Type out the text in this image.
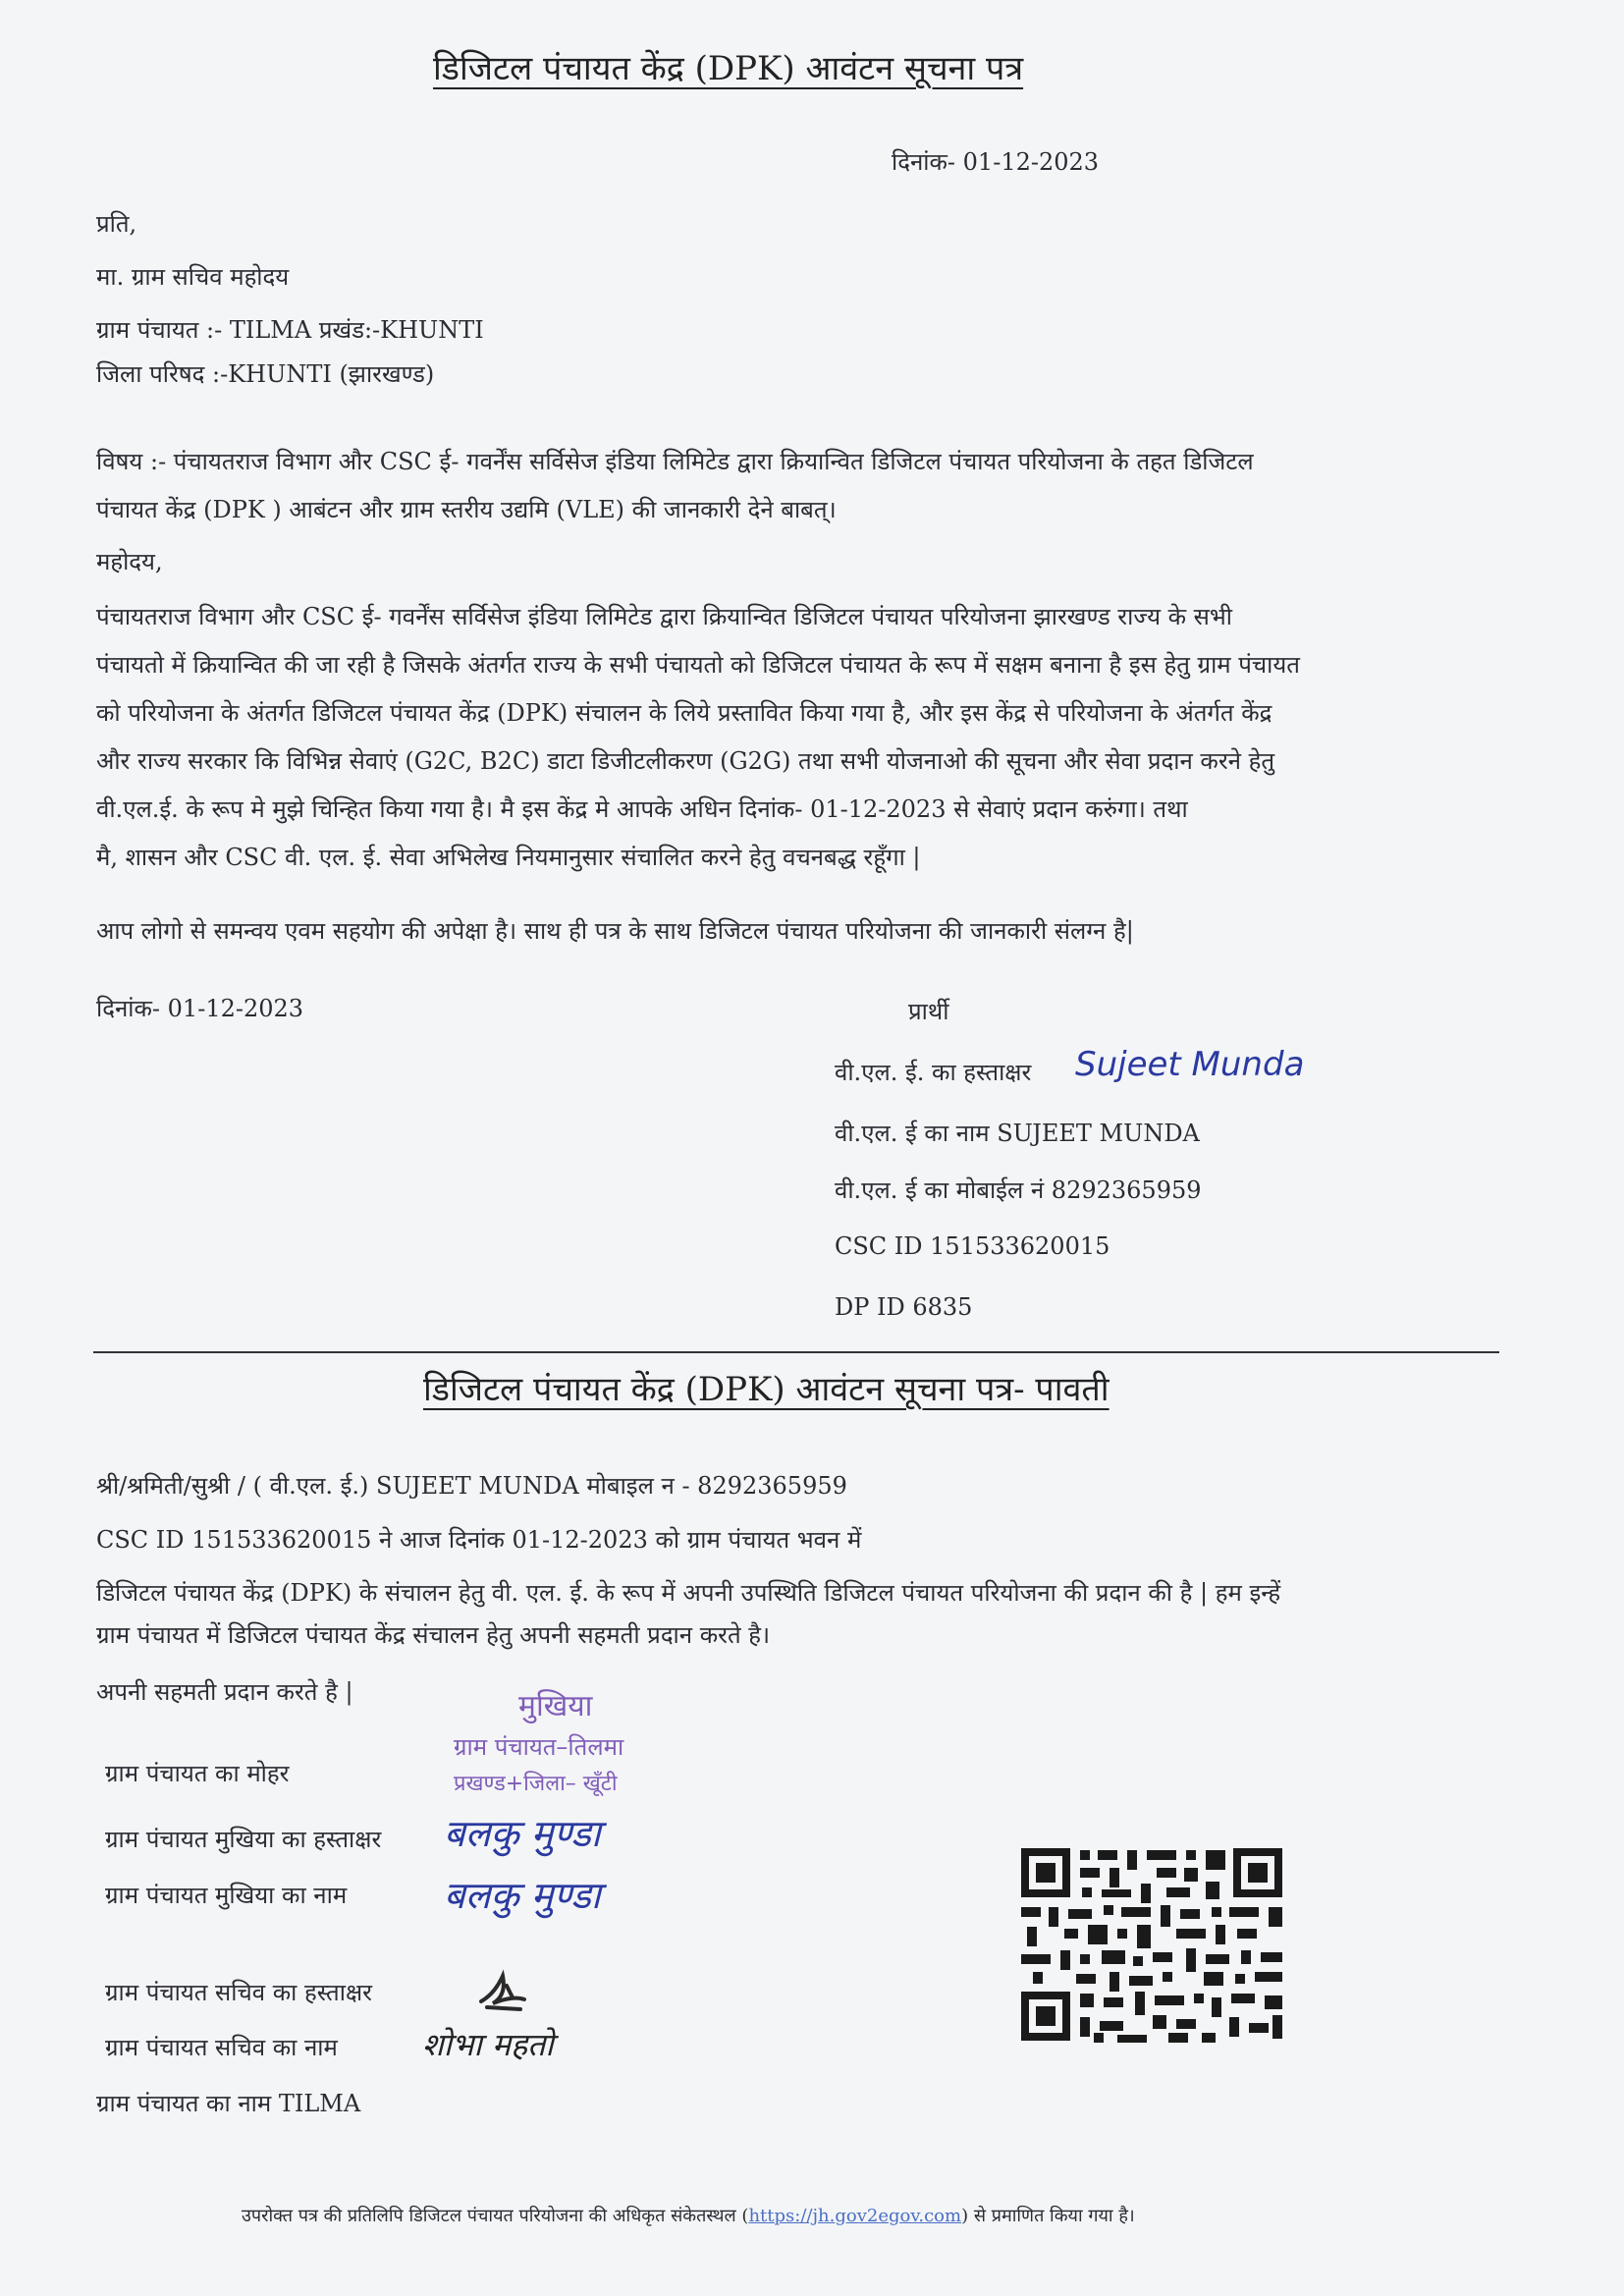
डिजिटल पंचायत केंद्र (DPK) आवंटन सूचना पत्र
दिनांक- 01-12-2023
प्रति,
मा. ग्राम सचिव महोदय
ग्राम पंचायत :- TILMA प्रखंड:-KHUNTI
जिला परिषद :-KHUNTI (झारखण्ड)
विषय :- पंचायतराज विभाग और CSC ई- गवर्नेंस सर्विसेज इंडिया लिमिटेड द्वारा क्रियान्वित डिजिटल पंचायत परियोजना के तहत डिजिटल
पंचायत केंद्र (DPK ) आबंटन और ग्राम स्तरीय उद्यमि (VLE) की जानकारी देने बाबत्।
महोदय,
पंचायतराज विभाग और CSC ई- गवर्नेंस सर्विसेज इंडिया लिमिटेड द्वारा क्रियान्वित डिजिटल पंचायत परियोजना झारखण्ड राज्य के सभी
पंचायतो में क्रियान्वित की जा रही है जिसके अंतर्गत राज्य के सभी पंचायतो को डिजिटल पंचायत के रूप में सक्षम बनाना है इस हेतु ग्राम पंचायत
को परियोजना के अंतर्गत डिजिटल पंचायत केंद्र (DPK) संचालन के लिये प्रस्तावित किया गया है, और इस केंद्र से परियोजना के अंतर्गत केंद्र
और राज्य सरकार कि विभिन्न सेवाएं (G2C, B2C) डाटा डिजीटलीकरण (G2G) तथा सभी योजनाओ की सूचना और सेवा प्रदान करने हेतु
वी.एल.ई. के रूप मे मुझे चिन्हित किया गया है। मै इस केंद्र मे आपके अधिन दिनांक- 01-12-2023 से सेवाएं प्रदान करुंगा। तथा
मै, शासन और CSC वी. एल. ई. सेवा अभिलेख नियमानुसार संचालित करने हेतु वचनबद्ध रहूँगा |
आप लोगो से समन्वय एवम सहयोग की अपेक्षा है। साथ ही पत्र के साथ डिजिटल पंचायत परियोजना की जानकारी संलग्न है|
दिनांक- 01-12-2023	प्रार्थी
वी.एल. ई. का हस्ताक्षर Sujeet Munda
वी.एल. ई का नाम SUJEET MUNDA
वी.एल. ई का मोबाईल नं 8292365959
CSC ID 151533620015
DP ID 6835
डिजिटल पंचायत केंद्र (DPK) आवंटन सूचना पत्र- पावती
श्री/श्रमिती/सुश्री / ( वी.एल. ई.) SUJEET MUNDA मोबाइल न - 8292365959
CSC ID 151533620015 ने आज दिनांक 01-12-2023 को ग्राम पंचायत भवन में
डिजिटल पंचायत केंद्र (DPK) के संचालन हेतु वी. एल. ई. के रूप में अपनी उपस्थिति डिजिटल पंचायत परियोजना की प्रदान की है | हम इन्हें
ग्राम पंचायत में डिजिटल पंचायत केंद्र संचालन हेतु अपनी सहमती प्रदान करते है।
अपनी सहमती प्रदान करते है |
ग्राम पंचायत का मोहर
मुखिया
ग्राम पंचायत–तिलमा
प्रखण्ड+जिला– खूँटी
ग्राम पंचायत मुखिया का हस्ताक्षर बलकु मुण्डा
ग्राम पंचायत मुखिया का नाम	बलकु मुण्डा
ग्राम पंचायत सचिव का हस्ताक्षर
ग्राम पंचायत सचिव का नाम	शोभा महतो
ग्राम पंचायत का नाम TILMA
उपरोक्त पत्र की प्रतिलिपि डिजिटल पंचायत परियोजना की अधिकृत संकेतस्थल (https://jh.gov2egov.com) से प्रमाणित किया गया है।
